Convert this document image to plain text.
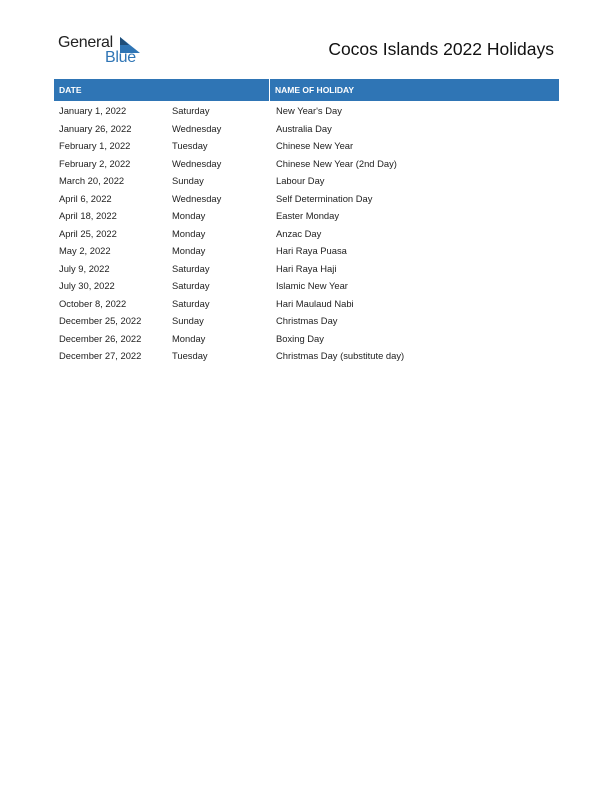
General
Blue	Cocos Islands 2022 Holidays
DATE	NAME OF HOLIDAY
January 1, 2022	Saturday	New Year's Day
January 26, 2022	Wednesday	Australia Day
February 1, 2022	Tuesday	Chinese New Year
February 2, 2022	Wednesday	Chinese New Year (2nd Day)
March 20, 2022	Sunday	Labour Day
April 6, 2022	Wednesday	Self Determination Day
April 18, 2022	Monday	Easter Monday
April 25, 2022	Monday	Anzac Day
May 2, 2022	Monday	Hari Raya Puasa
July 9, 2022	Saturday	Hari Raya Haji
July 30, 2022	Saturday	Islamic New Year
October 8, 2022	Saturday	Hari Maulaud Nabi
December 25, 2022	Sunday	Christmas Day
December 26, 2022	Monday	Boxing Day
December 27, 2022	Tuesday	Christmas Day (substitute day)
